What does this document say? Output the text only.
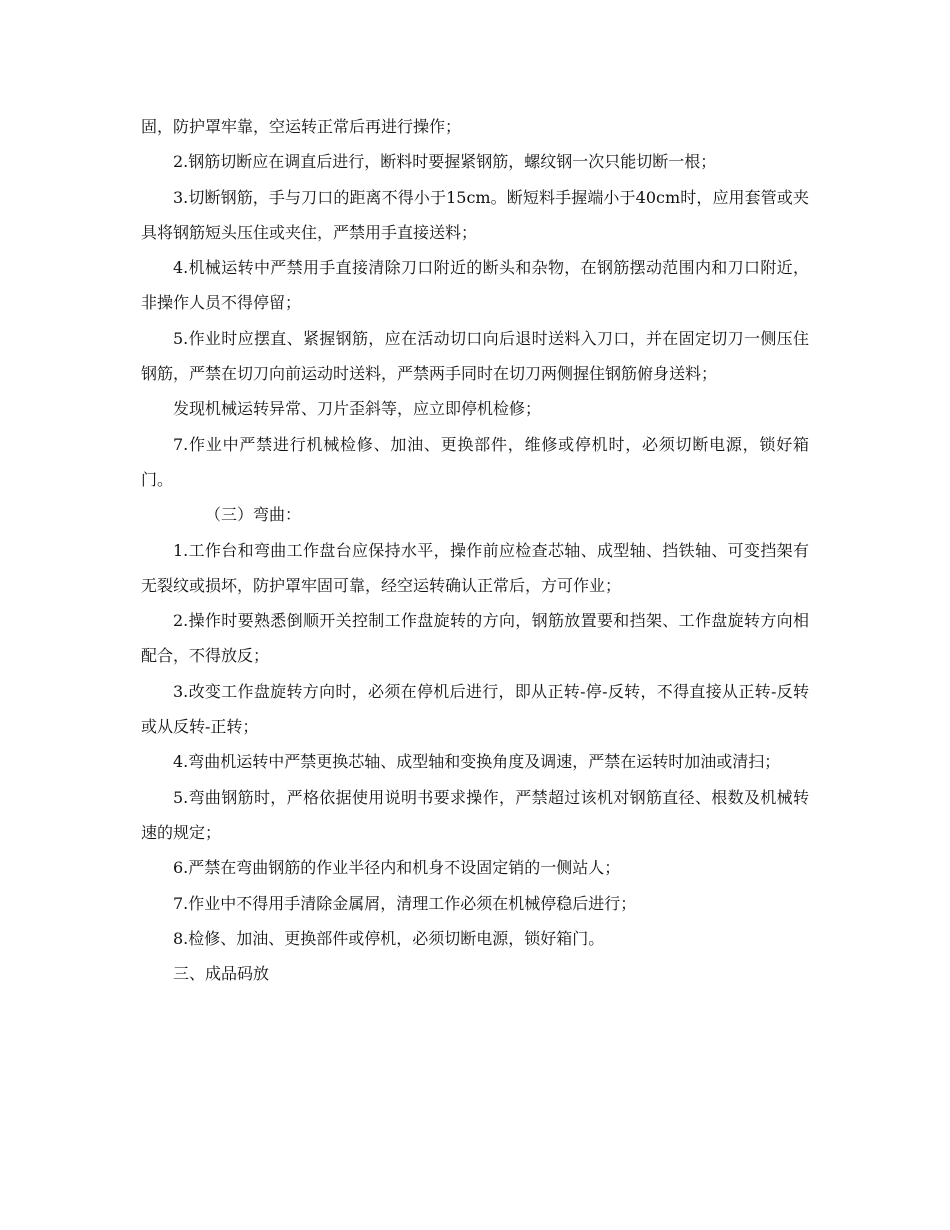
固，防护罩牢靠，空运转正常后再进行操作；

2.钢筋切断应在调直后进行，断料时要握紧钢筋，螺纹钢一次只能切断一根；

3.切断钢筋，手与刀口的距离不得小于15cm。断短料手握端小于40cm时，应用套管或夹具将钢筋短头压住或夹住，严禁用手直接送料；

4.机械运转中严禁用手直接清除刀口附近的断头和杂物，在钢筋摆动范围内和刀口附近，非操作人员不得停留；

5.作业时应摆直、紧握钢筋，应在活动切口向后退时送料入刀口，并在固定切刀一侧压住钢筋，严禁在切刀向前运动时送料，严禁两手同时在切刀两侧握住钢筋俯身送料；

发现机械运转异常、刀片歪斜等，应立即停机检修；

7.作业中严禁进行机械检修、加油、更换部件，维修或停机时，必须切断电源，锁好箱门。

（三）弯曲：

1.工作台和弯曲工作盘台应保持水平，操作前应检查芯轴、成型轴、挡铁轴、可变挡架有无裂纹或损坏，防护罩牢固可靠，经空运转确认正常后，方可作业；

2.操作时要熟悉倒顺开关控制工作盘旋转的方向，钢筋放置要和挡架、工作盘旋转方向相配合，不得放反；

3.改变工作盘旋转方向时，必须在停机后进行，即从正转-停-反转，不得直接从正转-反转或从反转-正转；

4.弯曲机运转中严禁更换芯轴、成型轴和变换角度及调速，严禁在运转时加油或清扫；

5.弯曲钢筋时，严格依据使用说明书要求操作，严禁超过该机对钢筋直径、根数及机械转速的规定；

6.严禁在弯曲钢筋的作业半径内和机身不设固定销的一侧站人；

7.作业中不得用手清除金属屑，清理工作必须在机械停稳后进行；

8.检修、加油、更换部件或停机，必须切断电源，锁好箱门。

三、成品码放
